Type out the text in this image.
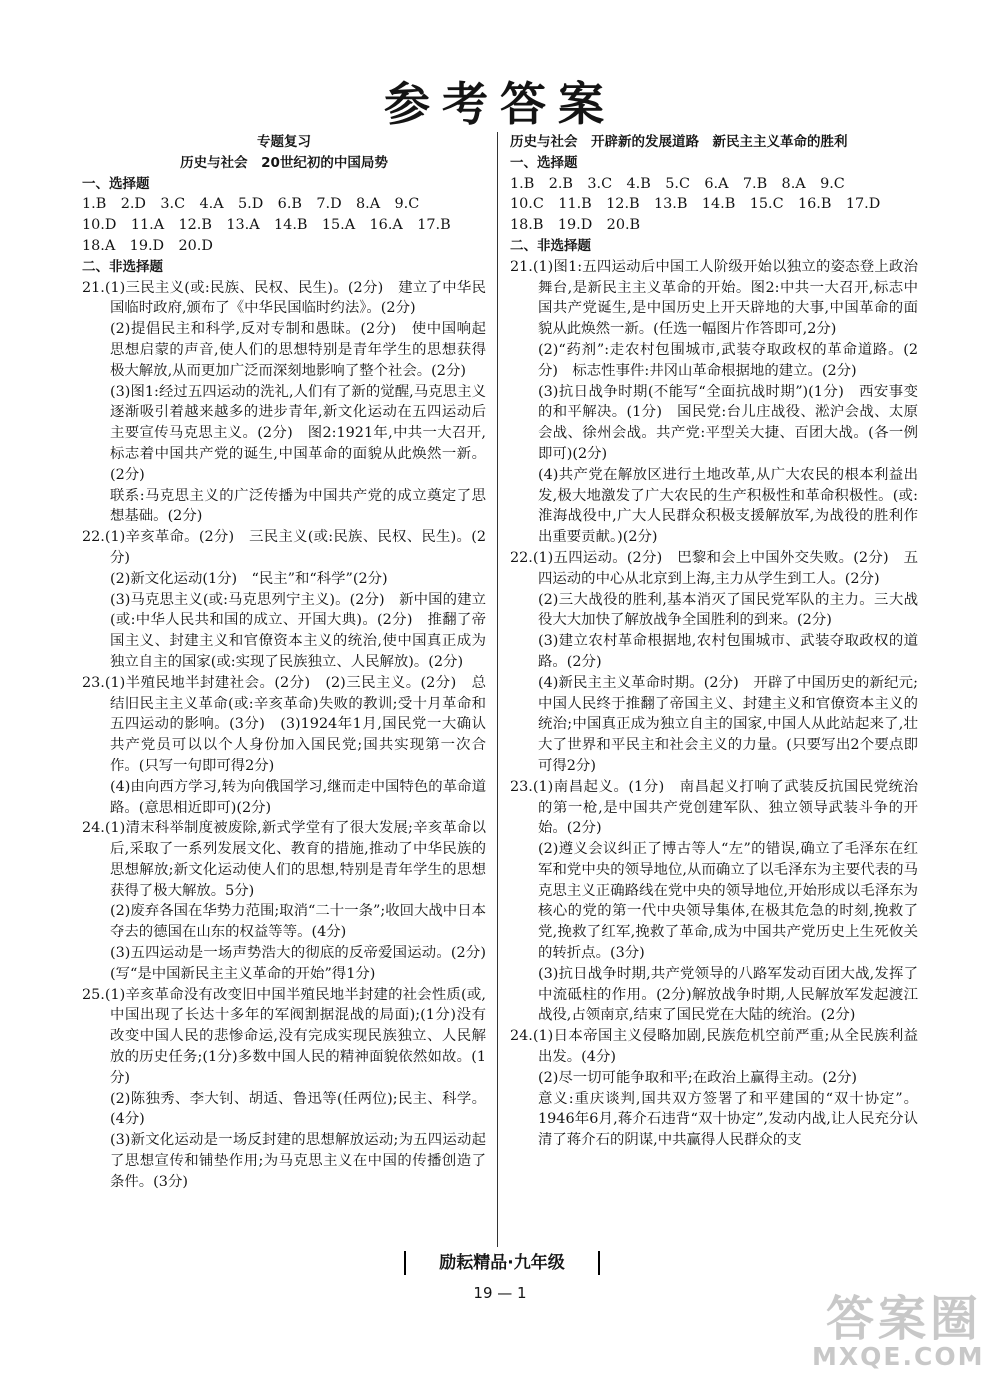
参考答案
专题复习
历史与社会　20世纪初的中国局势
一、选择题
1.B　2.D　3.C　4.A　5.D　6.B　7.D　8.A　9.C
10.D　11.A　12.B　13.A　14.B　15.A　16.A　17.B
18.A　19.D　20.D
二、非选择题
21.(1)三民主义(或:民族、民权、民生)。(2分)　建立了中华民国临时政府,颁布了《中华民国临时约法》。(2分)
(2)提倡民主和科学,反对专制和愚昧。(2分)　使中国响起思想启蒙的声音,使人们的思想特别是青年学生的思想获得极大解放,从而更加广泛而深刻地影响了整个社会。(2分)
(3)图1:经过五四运动的洗礼,人们有了新的觉醒,马克思主义逐渐吸引着越来越多的进步青年,新文化运动在五四运动后主要宣传马克思主义。(2分)　图2:1921年,中共一大召开,标志着中国共产党的诞生,中国革命的面貌从此焕然一新。(2分)
联系:马克思主义的广泛传播为中国共产党的成立奠定了思想基础。(2分)
22.(1)辛亥革命。(2分)　三民主义(或:民族、民权、民生)。(2分)
(2)新文化运动(1分)　“民主”和“科学”(2分)
(3)马克思主义(或:马克思列宁主义)。(2分)　新中国的建立(或:中华人民共和国的成立、开国大典)。(2分)　推翻了帝国主义、封建主义和官僚资本主义的统治,使中国真正成为独立自主的国家(或:实现了民族独立、人民解放)。(2分)
23.(1)半殖民地半封建社会。(2分)　(2)三民主义。(2分)　总结旧民主主义革命(或:辛亥革命)失败的教训;受十月革命和五四运动的影响。(3分)　(3)1924年1月,国民党一大确认共产党员可以以个人身份加入国民党;国共实现第一次合作。(只写一句即可得2分)
(4)由向西方学习,转为向俄国学习,继而走中国特色的革命道路。(意思相近即可)(2分)
24.(1)清末科举制度被废除,新式学堂有了很大发展;辛亥革命以后,采取了一系列发展文化、教育的措施,推动了中华民族的思想解放;新文化运动使人们的思想,特别是青年学生的思想获得了极大解放。5分)
(2)废弃各国在华势力范围;取消“二十一条”;收回大战中日本夺去的德国在山东的权益等等。(4分)
(3)五四运动是一场声势浩大的彻底的反帝爱国运动。(2分)(写“是中国新民主主义革命的开始”得1分)
25.(1)辛亥革命没有改变旧中国半殖民地半封建的社会性质(或,中国出现了长达十多年的军阀割据混战的局面);(1分)没有改变中国人民的悲惨命运,没有完成实现民族独立、人民解放的历史任务;(1分)多数中国人民的精神面貌依然如故。(1分)
(2)陈独秀、李大钊、胡适、鲁迅等(任两位);民主、科学。(4分)
(3)新文化运动是一场反封建的思想解放运动;为五四运动起了思想宣传和铺垫作用;为马克思主义在中国的传播创造了条件。(3分)
历史与社会　开辟新的发展道路　新民主主义革命的胜利
一、选择题
1.B　2.B　3.C　4.B　5.C　6.A　7.B　8.A　9.C
10.C　11.B　12.B　13.B　14.B　15.C　16.B　17.D
18.B　19.D　20.B
二、非选择题
21.(1)图1:五四运动后中国工人阶级开始以独立的姿态登上政治舞台,是新民主主义革命的开始。图2:中共一大召开,标志中国共产党诞生,是中国历史上开天辟地的大事,中国革命的面貌从此焕然一新。(任选一幅图片作答即可,2分)
(2)“药剂”:走农村包围城市,武装夺取政权的革命道路。(2分)　标志性事件:井冈山革命根据地的建立。(2分)
(3)抗日战争时期(不能写“全面抗战时期”)(1分)　西安事变的和平解决。(1分)　国民党:台儿庄战役、淞沪会战、太原会战、徐州会战。共产党:平型关大捷、百团大战。(各一例即可)(2分)
(4)共产党在解放区进行土地改革,从广大农民的根本利益出发,极大地激发了广大农民的生产积极性和革命积极性。(或:淮海战役中,广大人民群众积极支援解放军,为战役的胜利作出重要贡献。)(2分)
22.(1)五四运动。(2分)　巴黎和会上中国外交失败。(2分)　五四运动的中心从北京到上海,主力从学生到工人。(2分)
(2)三大战役的胜利,基本消灭了国民党军队的主力。三大战役大大加快了解放战争全国胜利的到来。(2分)
(3)建立农村革命根据地,农村包围城市、武装夺取政权的道路。(2分)
(4)新民主主义革命时期。(2分)　开辟了中国历史的新纪元;中国人民终于推翻了帝国主义、封建主义和官僚资本主义的统治;中国真正成为独立自主的国家,中国人从此站起来了,壮大了世界和平民主和社会主义的力量。(只要写出2个要点即可得2分)
23.(1)南昌起义。(1分)　南昌起义打响了武装反抗国民党统治的第一枪,是中国共产党创建军队、独立领导武装斗争的开始。(2分)
(2)遵义会议纠正了博古等人“左”的错误,确立了毛泽东在红军和党中央的领导地位,从而确立了以毛泽东为主要代表的马克思主义正确路线在党中央的领导地位,开始形成以毛泽东为核心的党的第一代中央领导集体,在极其危急的时刻,挽救了党,挽救了红军,挽救了革命,成为中国共产党历史上生死攸关的转折点。(3分)
(3)抗日战争时期,共产党领导的八路军发动百团大战,发挥了中流砥柱的作用。(2分)解放战争时期,人民解放军发起渡江战役,占领南京,结束了国民党在大陆的统治。(2分)
24.(1)日本帝国主义侵略加剧,民族危机空前严重;从全民族利益出发。(4分)
(2)尽一切可能争取和平;在政治上赢得主动。(2分)
意义:重庆谈判,国共双方签署了和平建国的“双十协定”。1946年6月,蒋介石违背“双十协定”,发动内战,让人民充分认清了蒋介石的阴谋,中共赢得人民群众的支
励耘精品·九年级
19 — 1	答案圈
MXQE.COM
